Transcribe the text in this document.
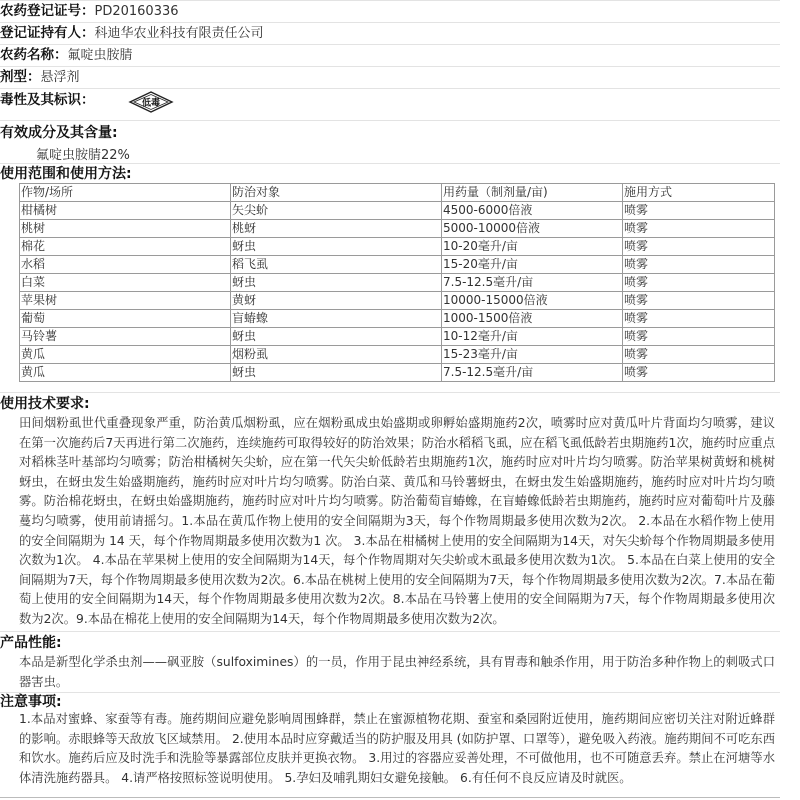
农药登记证号：PD20160336
登记证持有人：科迪华农业科技有限责任公司
农药名称：氟啶虫胺腈
剂型：悬浮剂
毒性及其标识：	低毒
有效成分及其含量:
氟啶虫胺腈22%
使用范围和使用方法:
作物/场所	防治对象	用药量（制剂量/亩)	施用方式
柑橘树	矢尖蚧	4500-6000倍液	喷雾
桃树	桃蚜	5000-10000倍液	喷雾
棉花	蚜虫	10-20毫升/亩	喷雾
水稻	稻飞虱	15-20毫升/亩	喷雾
白菜	蚜虫	7.5-12.5毫升/亩	喷雾
苹果树	黄蚜	10000-15000倍液	喷雾
葡萄	盲蝽蟓	1000-1500倍液	喷雾
马铃薯	蚜虫	10-12毫升/亩	喷雾
黄瓜	烟粉虱	15-23毫升/亩	喷雾
黄瓜	蚜虫	7.5-12.5毫升/亩	喷雾
使用技术要求:

田间烟粉虱世代重叠现象严重，防治黄瓜烟粉虱，应在烟粉虱成虫始盛期或卵孵始盛期施药2次，喷雾时应对黄瓜叶片背面均匀喷雾，建议在第一次施药后7天再进行第二次施药，连续施药可取得较好的防治效果；防治水稻稻飞虱，应在稻飞虱低龄若虫期施药1次，施药时应重点对稻株茎叶基部均匀喷雾；防治柑橘树矢尖蚧，应在第一代矢尖蚧低龄若虫期施药1次，施药时应对叶片均匀喷雾。防治苹果树黄蚜和桃树蚜虫，在蚜虫发生始盛期施药，施药时应对叶片均匀喷雾。防治白菜、黄瓜和马铃薯蚜虫，在蚜虫发生始盛期施药，施药时应对叶片均匀喷雾。防治棉花蚜虫，在蚜虫始盛期施药，施药时应对叶片均匀喷雾。防治葡萄盲蝽蟓，在盲蝽蟓低龄若虫期施药，施药时应对葡萄叶片及藤蔓均匀喷雾，使用前请摇匀。1.本品在黄瓜作物上使用的安全间隔期为3天，每个作物周期最多使用次数为2次。 2.本品在水稻作物上使用的安全间隔期为 14 天，每个作物周期最多使用次数为1 次。 3.本品在柑橘树上使用的安全间隔期为14天，对矢尖蚧每个作物周期最多使用次数为1次。 4.本品在苹果树上使用的安全间隔期为14天，每个作物周期对矢尖蚧或木虱最多使用次数为1次。 5.本品在白菜上使用的安全间隔期为7天，每个作物周期最多使用次数为2次。6.本品在桃树上使用的安全间隔期为7天，每个作物周期最多使用次数为2次。7.本品在葡萄上使用的安全间隔期为14天，每个作物周期最多使用次数为2次。8.本品在马铃薯上使用的安全间隔期为7天，每个作物周期最多使用次数为2次。9.本品在棉花上使用的安全间隔期为14天，每个作物周期最多使用次数为2次。

产品性能:

本品是新型化学杀虫剂——砜亚胺（sulfoximines）的一员，作用于昆虫神经系统，具有胃毒和触杀作用，用于防治多种作物上的刺吸式口器害虫。

注意事项:

1.本品对蜜蜂、家蚕等有毒。施药期间应避免影响周围蜂群，禁止在蜜源植物花期、蚕室和桑园附近使用，施药期间应密切关注对附近蜂群的影响。赤眼蜂等天敌放飞区域禁用。 2.使用本品时应穿戴适当的防护服及用具 (如防护罩、口罩等），避免吸入药液。施药期间不可吃东西和饮水。施药后应及时洗手和洗脸等暴露部位皮肤并更换衣物。 3.用过的容器应妥善处理，不可做他用，也不可随意丢弃。禁止在河塘等水体清洗施药器具。 4.请严格按照标签说明使用。 5.孕妇及哺乳期妇女避免接触。 6.有任何不良反应请及时就医。
